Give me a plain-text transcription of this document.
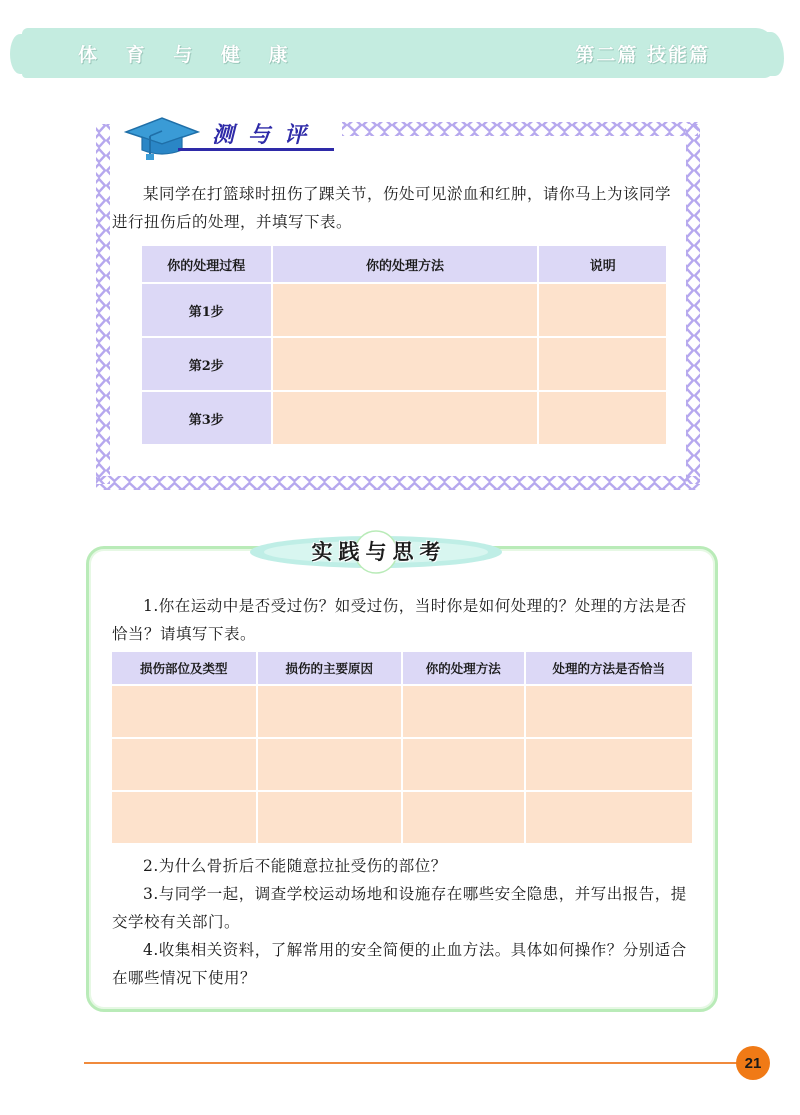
体 育 与 健 康	第二篇 技能篇
测与评

某同学在打篮球时扭伤了踝关节，伤处可见淤血和红肿，请你马上为该同学进行扭伤后的处理，并填写下表。

你的处理过程	你的处理方法	说明
第1步		
第2步		
第3步		
实践与思考

1.你在运动中是否受过伤？如受过伤，当时你是如何处理的？处理的方法是否恰当？请填写下表。

损伤部位及类型	损伤的主要原因	你的处理方法	处理的方法是否恰当

2.为什么骨折后不能随意拉扯受伤的部位？

3.与同学一起，调查学校运动场地和设施存在哪些安全隐患，并写出报告，提交学校有关部门。

4.收集相关资料，了解常用的安全简便的止血方法。具体如何操作？分别适合在哪些情况下使用？

21
